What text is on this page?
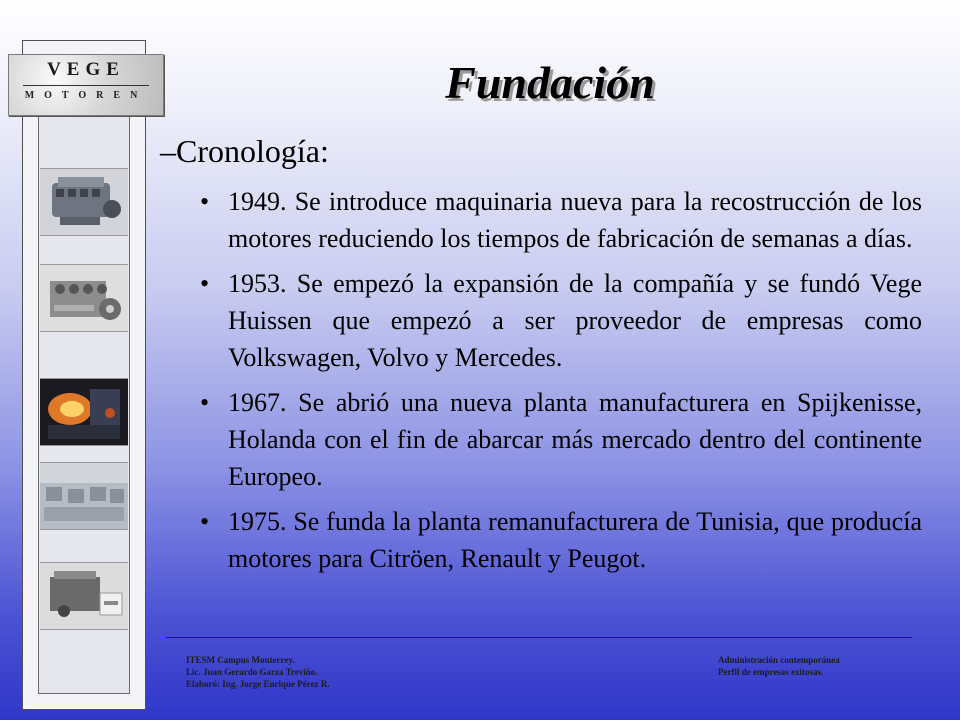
VEGE
MOTOREN	Fundación
–Cronología:
• 1949. Se introduce maquinaria nueva para la recostrucción de los motores reduciendo los tiempos de fabricación de semanas a días.
• 1953. Se empezó la expansión de la compañía y se fundó Vege Huissen que empezó a ser proveedor de empresas como Volkswagen, Volvo y Mercedes.
• 1967. Se abrió una nueva planta manufacturera en Spijkenisse, Holanda con el fin de abarcar más mercado dentro del continente Europeo.
• 1975. Se funda la planta remanufacturera de Tunisia, que producía motores para Citröen, Renault y Peugot.
ITESM Campus Monterrey.
Lic. Juan Gerardo Garza Treviño.
Elaboró: Ing. Jorge Enrique Pérez R.
Administración contemporánea
Perfil de empresas exitosas.
